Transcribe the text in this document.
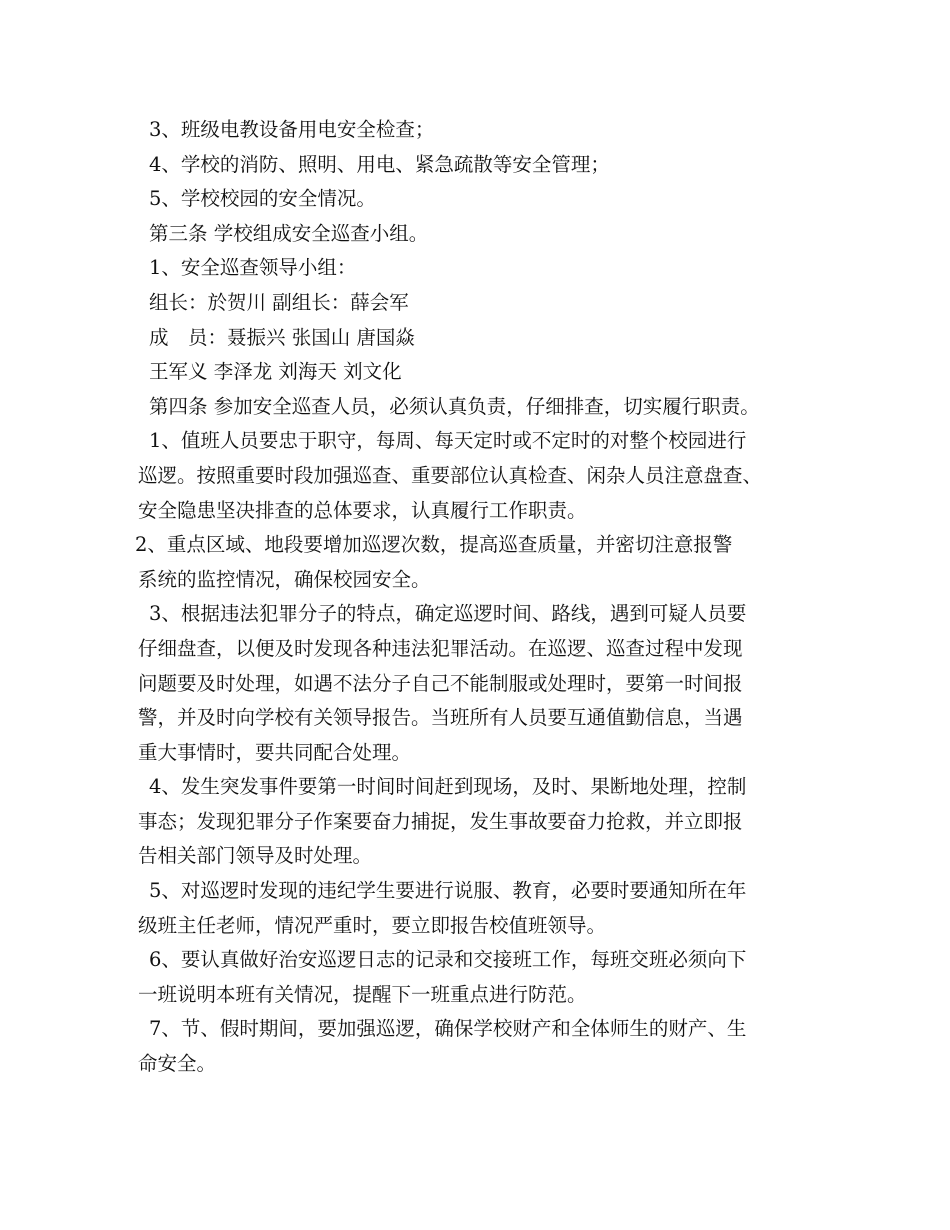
3、班级电教设备用电安全检查；
4、学校的消防、照明、用电、紧急疏散等安全管理；
5、学校校园的安全情况。
第三条 学校组成安全巡查小组。
1、安全巡查领导小组：
组长：於贺川 副组长：薛会军
成　员：聂振兴 张国山 唐国焱
王军义 李泽龙 刘海天 刘文化
第四条 参加安全巡查人员，必须认真负责，仔细排查，切实履行职责。
1、值班人员要忠于职守，每周、每天定时或不定时的对整个校园进行
巡逻。按照重要时段加强巡查、重要部位认真检查、闲杂人员注意盘查、
安全隐患坚决排查的总体要求，认真履行工作职责。
2、重点区域、地段要增加巡逻次数，提高巡查质量，并密切注意报警
系统的监控情况，确保校园安全。
3、根据违法犯罪分子的特点，确定巡逻时间、路线，遇到可疑人员要
仔细盘查，以便及时发现各种违法犯罪活动。在巡逻、巡查过程中发现
问题要及时处理，如遇不法分子自己不能制服或处理时，要第一时间报
警，并及时向学校有关领导报告。当班所有人员要互通值勤信息，当遇
重大事情时，要共同配合处理。
4、发生突发事件要第一时间时间赶到现场，及时、果断地处理，控制
事态；发现犯罪分子作案要奋力捕捉，发生事故要奋力抢救，并立即报
告相关部门领导及时处理。
5、对巡逻时发现的违纪学生要进行说服、教育，必要时要通知所在年
级班主任老师，情况严重时，要立即报告校值班领导。
6、要认真做好治安巡逻日志的记录和交接班工作，每班交班必须向下
一班说明本班有关情况，提醒下一班重点进行防范。
7、节、假时期间，要加强巡逻，确保学校财产和全体师生的财产、生
命安全。
